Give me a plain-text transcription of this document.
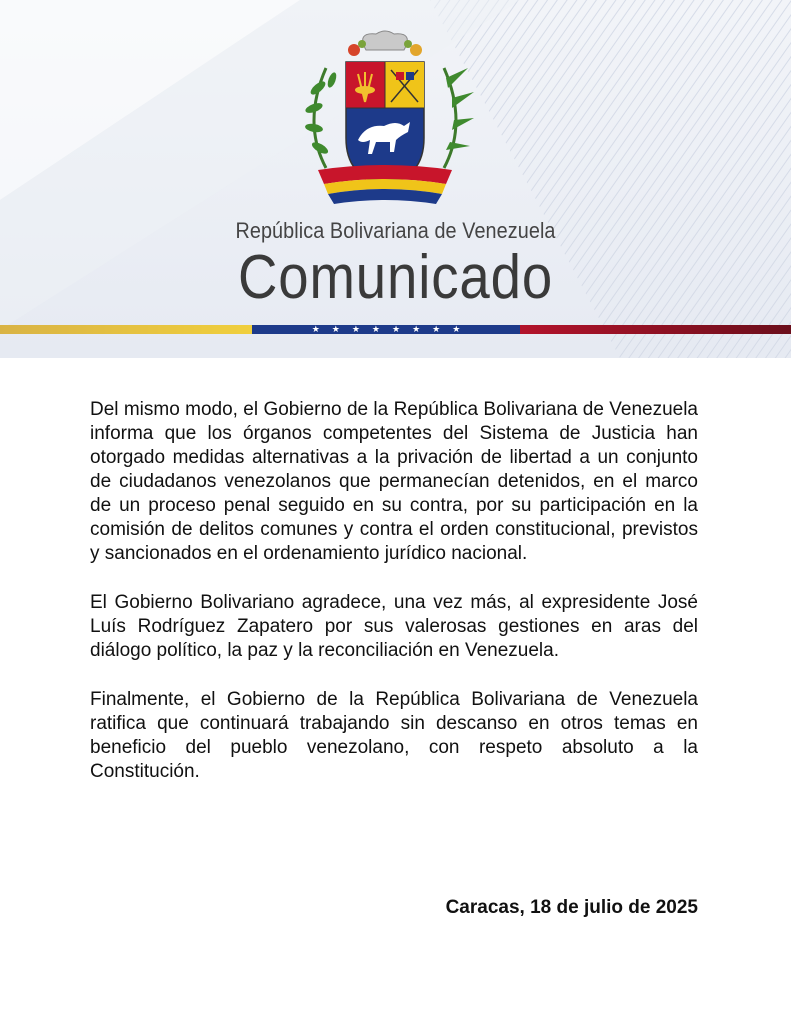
República Bolivariana de Venezuela
Comunicado
★ ★ ★ ★ ★ ★ ★ ★

Del mismo modo, el Gobierno de la República Bolivariana de Venezuela informa que los órganos competentes del Sistema de Justicia han otorgado medidas alternativas a la privación de libertad a un conjunto de ciudadanos venezolanos que permanecían detenidos, en el marco de un proceso penal seguido en su contra, por su participación en la comisión de delitos comunes y contra el orden constitucional, previstos y sancionados en el ordenamiento jurídico nacional.

El Gobierno Bolivariano agradece, una vez más, al expresidente José Luís Rodríguez Zapatero por sus valerosas gestiones en aras del diálogo político, la paz y la reconciliación en Venezuela.

Finalmente, el Gobierno de la República Bolivariana de Venezuela ratifica que continuará trabajando sin descanso en otros temas en beneficio del pueblo venezolano, con respeto absoluto a la Constitución.

Caracas, 18 de julio de 2025
